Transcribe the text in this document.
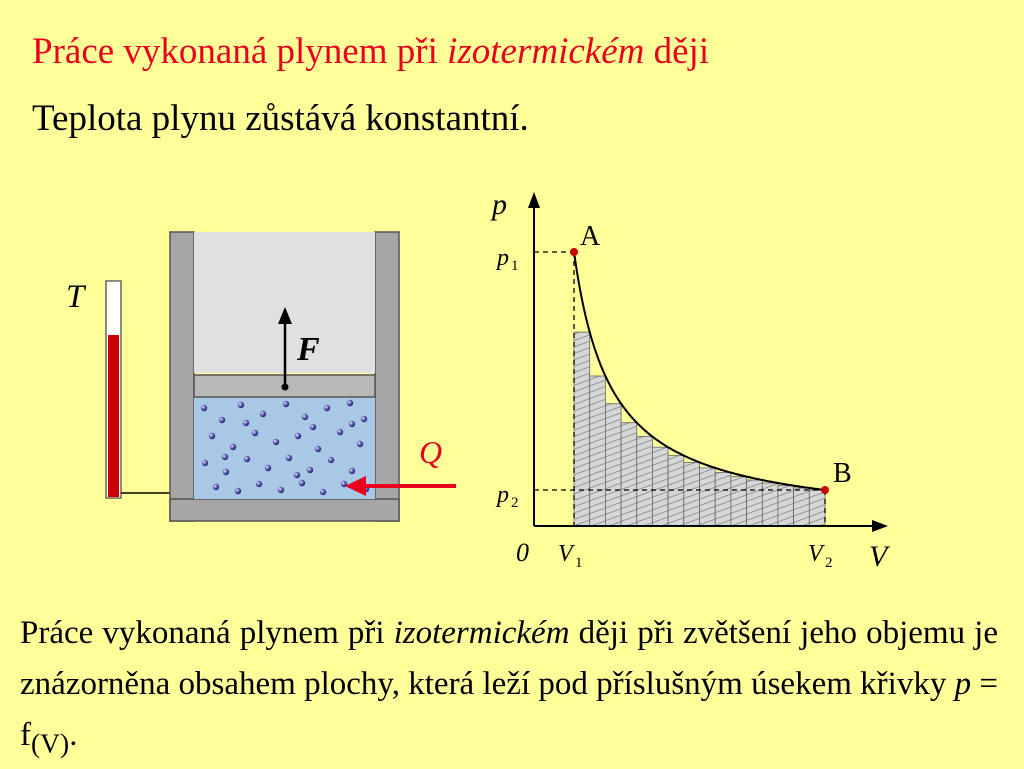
Práce vykonaná plynem při izotermickém ději
Teplota plynu zůstává konstantní.
T
F
Q
p
V
0
A
B
p 1
p 2
V 1	V 2
Práce vykonaná plynem při izotermickém ději při zvětšení jeho objemu je znázorněna obsahem plochy, která leží pod příslušným úsekem křivky $p = f_{(V)}$.
